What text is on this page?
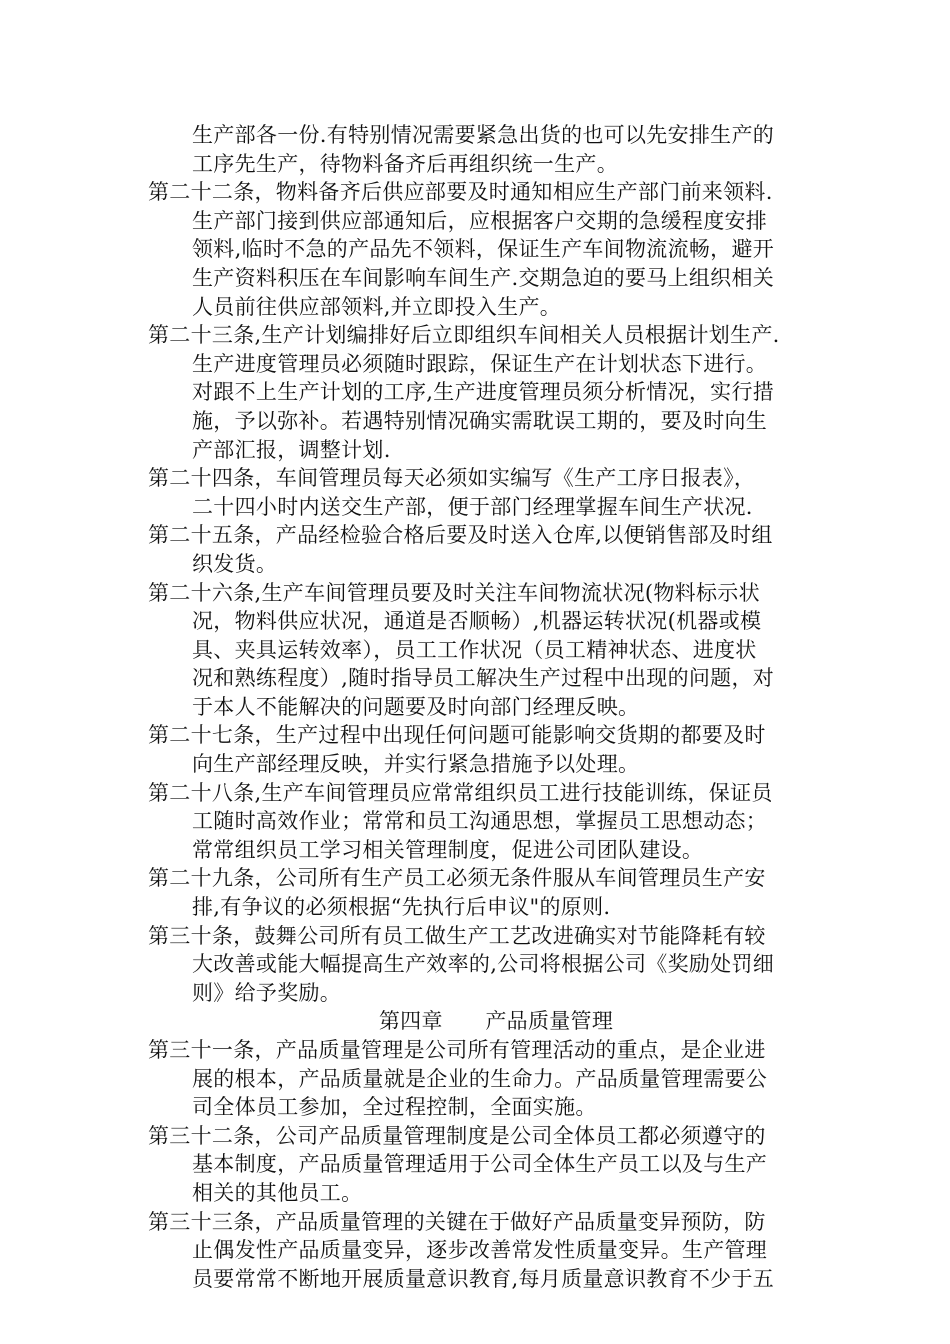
生产部各一份.有特别情况需要紧急出货的也可以先安排生产的
工序先生产，待物料备齐后再组织统一生产。
第二十二条，物料备齐后供应部要及时通知相应生产部门前来领料.
生产部门接到供应部通知后，应根据客户交期的急缓程度安排
领料,临时不急的产品先不领料，保证生产车间物流流畅，避开
生产资料积压在车间影响车间生产.交期急迫的要马上组织相关
人员前往供应部领料,并立即投入生产。
第二十三条,生产计划编排好后立即组织车间相关人员根据计划生产.
生产进度管理员必须随时跟踪，保证生产在计划状态下进行。
对跟不上生产计划的工序,生产进度管理员须分析情况，实行措
施，予以弥补。若遇特别情况确实需耽误工期的，要及时向生
产部汇报，调整计划.
第二十四条，车间管理员每天必须如实编写《生产工序日报表》，
二十四小时内送交生产部，便于部门经理掌握车间生产状况.
第二十五条，产品经检验合格后要及时送入仓库,以便销售部及时组
织发货。
第二十六条,生产车间管理员要及时关注车间物流状况(物料标示状
况，物料供应状况，通道是否顺畅）,机器运转状况(机器或模
具、夹具运转效率），员工工作状况（员工精神状态、进度状
况和熟练程度）,随时指导员工解决生产过程中出现的问题，对
于本人不能解决的问题要及时向部门经理反映。
第二十七条，生产过程中出现任何问题可能影响交货期的都要及时
向生产部经理反映，并实行紧急措施予以处理。
第二十八条,生产车间管理员应常常组织员工进行技能训练，保证员
工随时高效作业；常常和员工沟通思想，掌握员工思想动态；
常常组织员工学习相关管理制度，促进公司团队建设。
第二十九条，公司所有生产员工必须无条件服从车间管理员生产安
排,有争议的必须根据“先执行后申议"的原则.
第三十条，鼓舞公司所有员工做生产工艺改进确实对节能降耗有较
大改善或能大幅提高生产效率的,公司将根据公司《奖励处罚细
则》给予奖励。
第四章　　产品质量管理
第三十一条，产品质量管理是公司所有管理活动的重点，是企业进
展的根本，产品质量就是企业的生命力。产品质量管理需要公
司全体员工参加，全过程控制，全面实施。
第三十二条，公司产品质量管理制度是公司全体员工都必须遵守的
基本制度，产品质量管理适用于公司全体生产员工以及与生产
相关的其他员工。
第三十三条，产品质量管理的关键在于做好产品质量变异预防，防
止偶发性产品质量变异，逐步改善常发性质量变异。生产管理
员要常常不断地开展质量意识教育,每月质量意识教育不少于五
